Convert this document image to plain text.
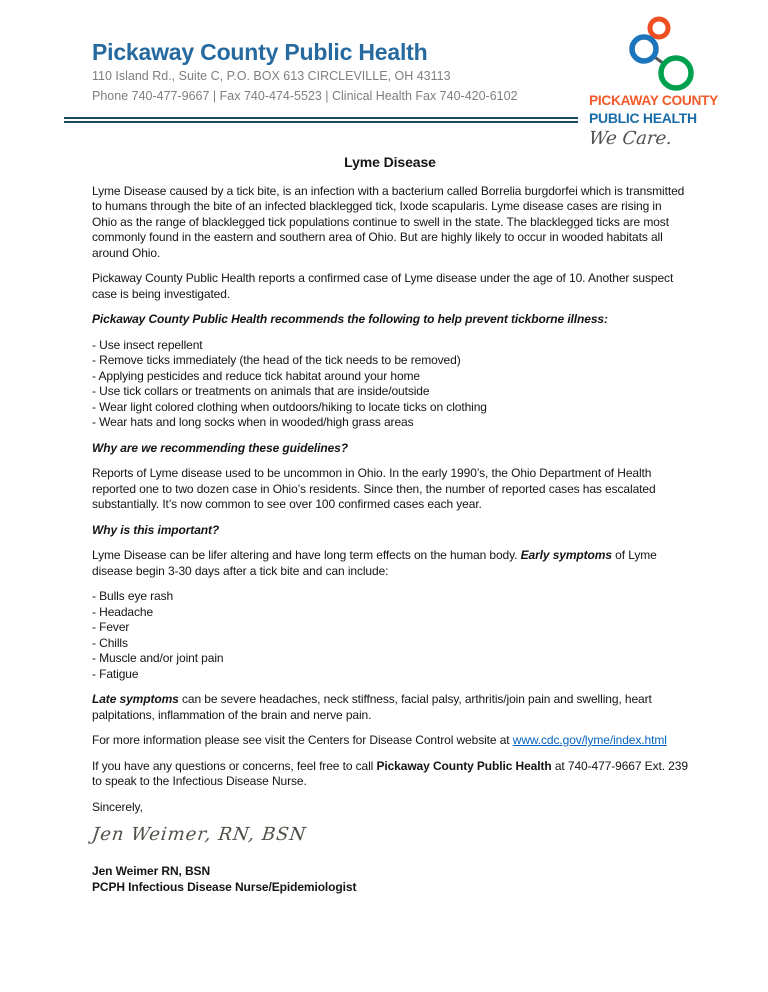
Pickaway County Public Health
110 Island Rd., Suite C, P.O. BOX 613 CIRCLEVILLE, OH 43113
Phone 740-477-9667 | Fax 740-474-5523 | Clinical Health Fax 740-420-6102	PICKAWAY COUNTY
PUBLIC HEALTH
We Care.
Lyme Disease

Lyme Disease caused by a tick bite, is an infection with a bacterium called Borrelia burgdorfei which is transmitted to humans through the bite of an infected blacklegged tick, Ixode scapularis. Lyme disease cases are rising in Ohio as the range of blacklegged tick populations continue to swell in the state. The blacklegged ticks are most commonly found in the eastern and southern area of Ohio. But are highly likely to occur in wooded habitats all around Ohio.

Pickaway County Public Health reports a confirmed case of Lyme disease under the age of 10. Another suspect case is being investigated.

Pickaway County Public Health recommends the following to help prevent tickborne illness:

- Use insect repellent
- Remove ticks immediately (the head of the tick needs to be removed)
- Applying pesticides and reduce tick habitat around your home
- Use tick collars or treatments on animals that are inside/outside
- Wear light colored clothing when outdoors/hiking to locate ticks on clothing
- Wear hats and long socks when in wooded/high grass areas

Why are we recommending these guidelines?

Reports of Lyme disease used to be uncommon in Ohio. In the early 1990’s, the Ohio Department of Health reported one to two dozen case in Ohio’s residents. Since then, the number of reported cases has escalated substantially. It’s now common to see over 100 confirmed cases each year.

Why is this important?

Lyme Disease can be lifer altering and have long term effects on the human body. Early symptoms of Lyme disease begin 3-30 days after a tick bite and can include:

- Bulls eye rash
- Headache
- Fever
- Chills
- Muscle and/or joint pain
- Fatigue

Late symptoms can be severe headaches, neck stiffness, facial palsy, arthritis/join pain and swelling, heart palpitations, inflammation of the brain and nerve pain.

For more information please see visit the Centers for Disease Control website at www.cdc.gov/lyme/index.html

If you have any questions or concerns, feel free to call Pickaway County Public Health at 740-477-9667 Ext. 239 to speak to the Infectious Disease Nurse.

Sincerely,

Jen Weimer, RN, BSN
Jen Weimer RN, BSN
PCPH Infectious Disease Nurse/Epidemiologist
